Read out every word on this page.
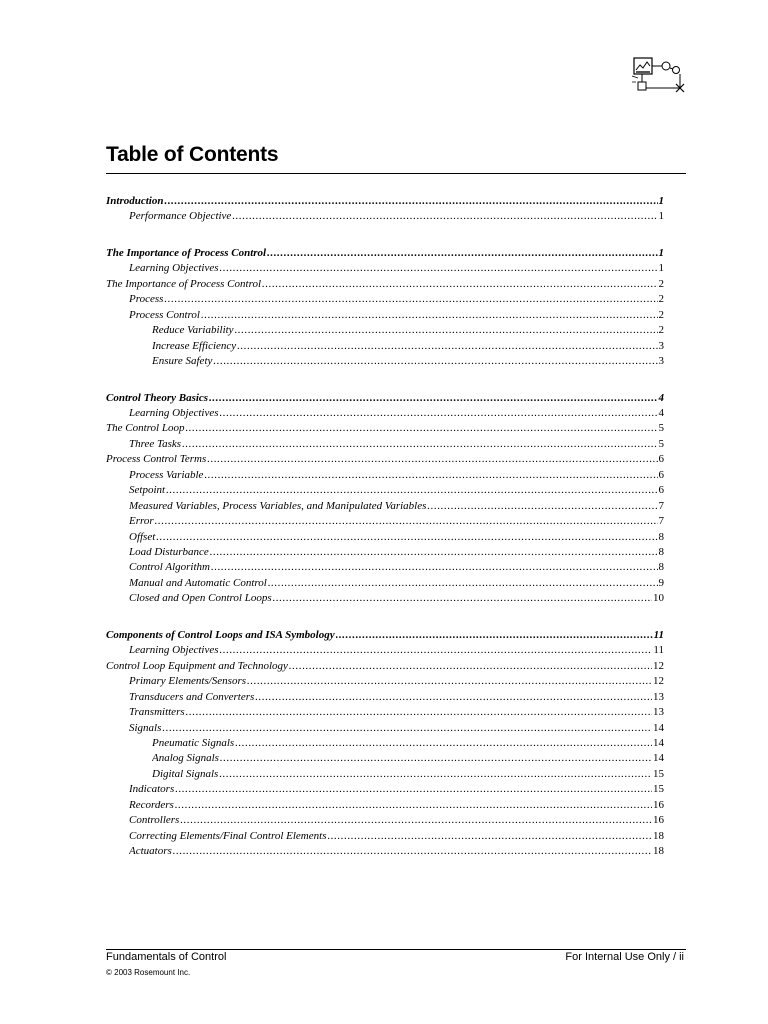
Table of Contents
Introduction .....	1
Performance Objective .....	1
The Importance of Process Control .....	1
Learning Objectives .....	1
The Importance of Process Control .....	2
Process .....	2
Process Control .....	2
Reduce Variability .....	2
Increase Efficiency .....	3
Ensure Safety .....	3
Control Theory Basics .....	4
Learning Objectives .....	4
The Control Loop .....	5
Three Tasks .....	5
Process Control Terms .....	6
Process Variable .....	6
Setpoint .....	6
Measured Variables, Process Variables, and Manipulated Variables .....	7
Error .....	7
Offset .....	8
Load Disturbance .....	8
Control Algorithm .....	8
Manual and Automatic Control .....	9
Closed and Open Control Loops .....	10
Components of Control Loops and ISA Symbology .....	11
Learning Objectives .....	11
Control Loop Equipment and Technology .....	12
Primary Elements/Sensors .....	12
Transducers and Converters .....	13
Transmitters .....	13
Signals .....	14
Pneumatic Signals .....	14
Analog Signals .....	14
Digital Signals .....	15
Indicators .....	15
Recorders .....	16
Controllers .....	16
Correcting Elements/Final Control Elements .....	18
Actuators .....	18
Fundamentals of Control	For Internal Use Only / ii
© 2003 Rosemount Inc.
